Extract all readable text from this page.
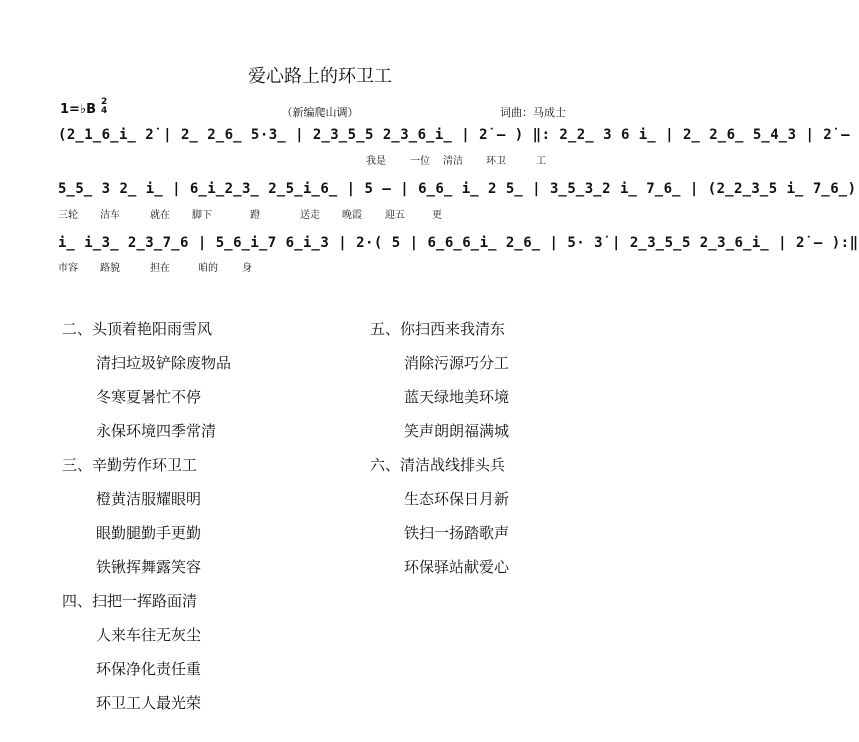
爱心路上的环卫工
1=♭B 2
4	（新编爬山调）	词曲：马成士
(2̲1̲6̲i̲ 2̇ | 2̲ 2̲6̲ 5·3̲ | 2̲3̲5̲5 2̲3̲6̲i̲ | 2̇ – ) ‖: 2̲2̲ 3 6 i̲ | 2̲ 2̲6̲ 5̲4̲3 | 2̇ –
我是 一位 清洁 环卫	工
5̲5̲ 3 2̲ i̲ | 6̲i̲2̲3̲ 2̲5̲i̲6̲ | 5 – | 6̲6̲ i̲ 2 5̲ | 3̲5̲3̲2 i̲ 7̲6̲ | (2̲2̲3̲5 i̲ 7̲6̲)
三轮 洁车	就在 脚下	蹬	送走 晚霞 迎五	更
i̲ i̲3̲ 2̲3̲7̲6 | 5̲6̲i̲7 6̲i̲3 | 2·( 5 | 6̲6̲6̲i̲ 2̲6̲ | 5· 3̇ | 2̲3̲5̲5 2̲3̲6̲i̲ | 2̇ – ):‖
市容 路貌	担在	咱的 身
二、头顶着艳阳雨雪风
清扫垃圾铲除废物品
冬寒夏暑忙不停
永保环境四季常清
三、辛勤劳作环卫工
橙黄洁服耀眼明
眼勤腿勤手更勤
铁锹挥舞露笑容
四、扫把一挥路面清
人来车往无灰尘
环保净化责任重
环卫工人最光荣
五、你扫西来我清东
消除污源巧分工
蓝天绿地美环境
笑声朗朗福满城
六、清洁战线排头兵
生态环保日月新
铁扫一扬踏歌声
环保驿站献爱心
